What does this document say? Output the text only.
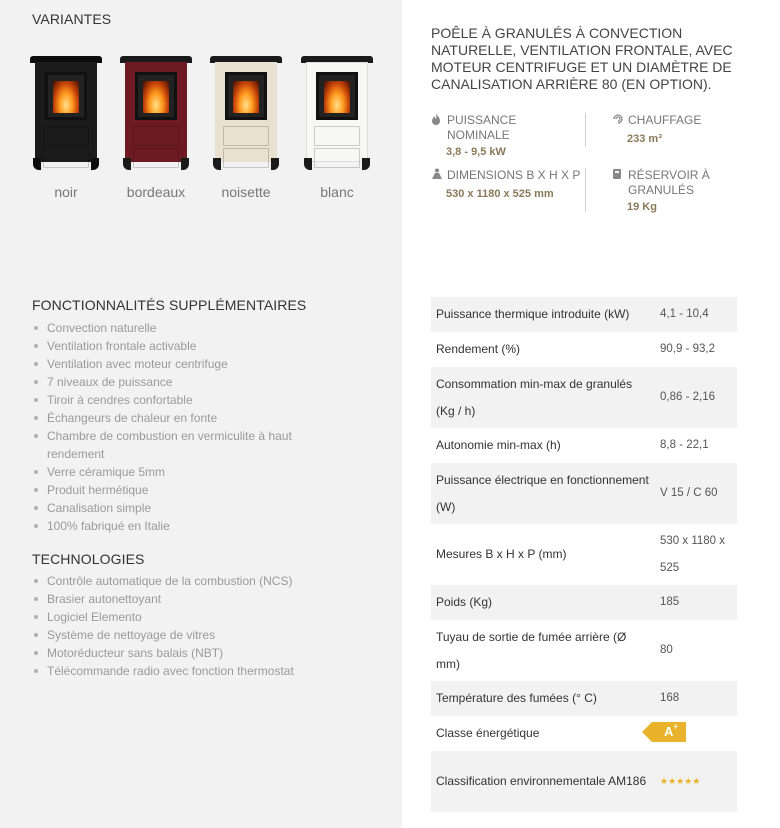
VARIANTES
noir	bordeaux	noisette	blanc
FONCTIONNALITÉS SUPPLÉMENTAIRES
Convection naturelle
Ventilation frontale activable
Ventilation avec moteur centrifuge
7 niveaux de puissance
Tiroir à cendres confortable
Échangeurs de chaleur en fonte
Chambre de combustion en vermiculite à haut rendement
Verre céramique 5mm
Produit hermétique
Canalisation simple
100% fabriqué en Italie
TECHNOLOGIES
Contrôle automatique de la combustion (NCS)
Brasier autonettoyant
Logiciel Elemento
Système de nettoyage de vitres
Motoréducteur sans balais (NBT)
Télécommande radio avec fonction thermostat
POÊLE À GRANULÉS À CONVECTION NATURELLE, VENTILATION FRONTALE, AVEC MOTEUR CENTRIFUGE ET UN DIAMÈTRE DE CANALISATION ARRIÈRE 80 (EN OPTION).
PUISSANCE NOMINALE
3,8 - 9,5 kW
CHAUFFAGE
233 m³
DIMENSIONS B X H X P
530 x 1180 x 525 mm
RÉSERVOIR À GRANULÉS
19 Kg
Puissance thermique introduite (kW)	4,1 - 10,4
Rendement (%)	90,9 - 93,2
Consommation min-max de granulés (Kg / h)	0,86 - 2,16
Autonomie min-max (h)	8,8 - 22,1
Puissance électrique en fonctionnement (W)	V 15 / C 60
Mesures B x H x P (mm)	530 x 1180 x 525
Poids (Kg)	185
Tuyau de sortie de fumée arrière (Ø mm)	80
Température des fumées (° C)	168
Classe énergétique	A+
Classification environnementale AM186	★★★★★
